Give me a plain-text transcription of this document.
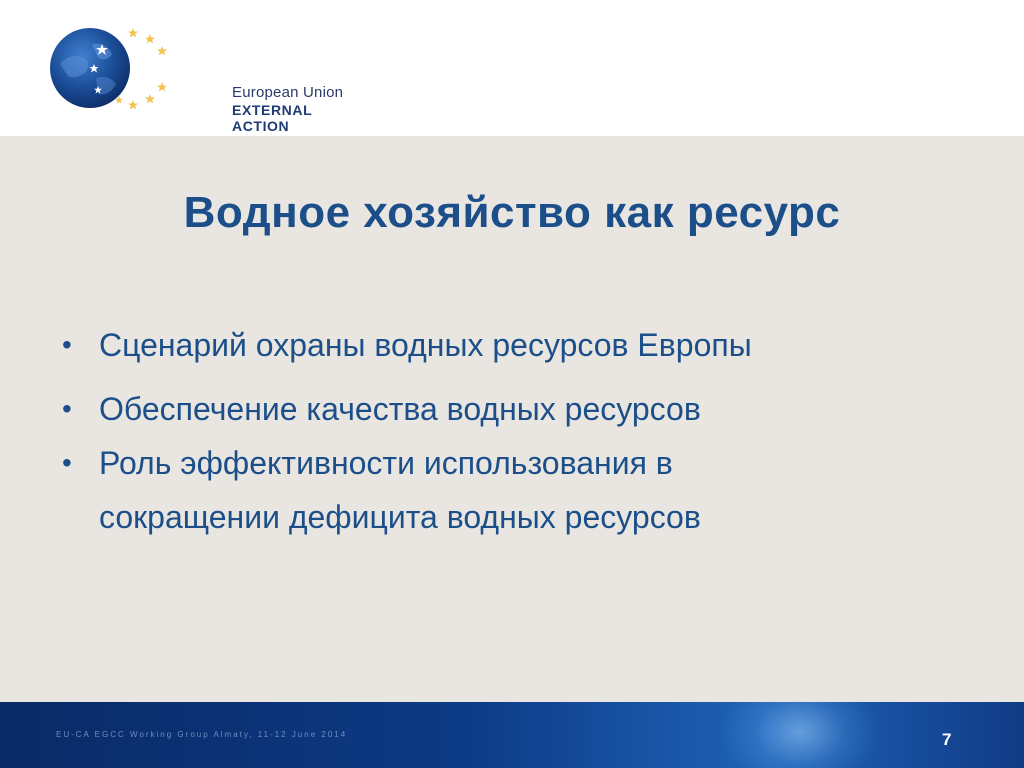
European Union
EXTERNAL ACTION
Водное хозяйство как ресурс
• Сценарий охраны водных ресурсов Европы
• Обеспечение качества водных ресурсов
• Роль эффективности использования в сокращении дефицита водных ресурсов
EU-CA EGCC Working Group Almaty, 11-12 June 2014	7
